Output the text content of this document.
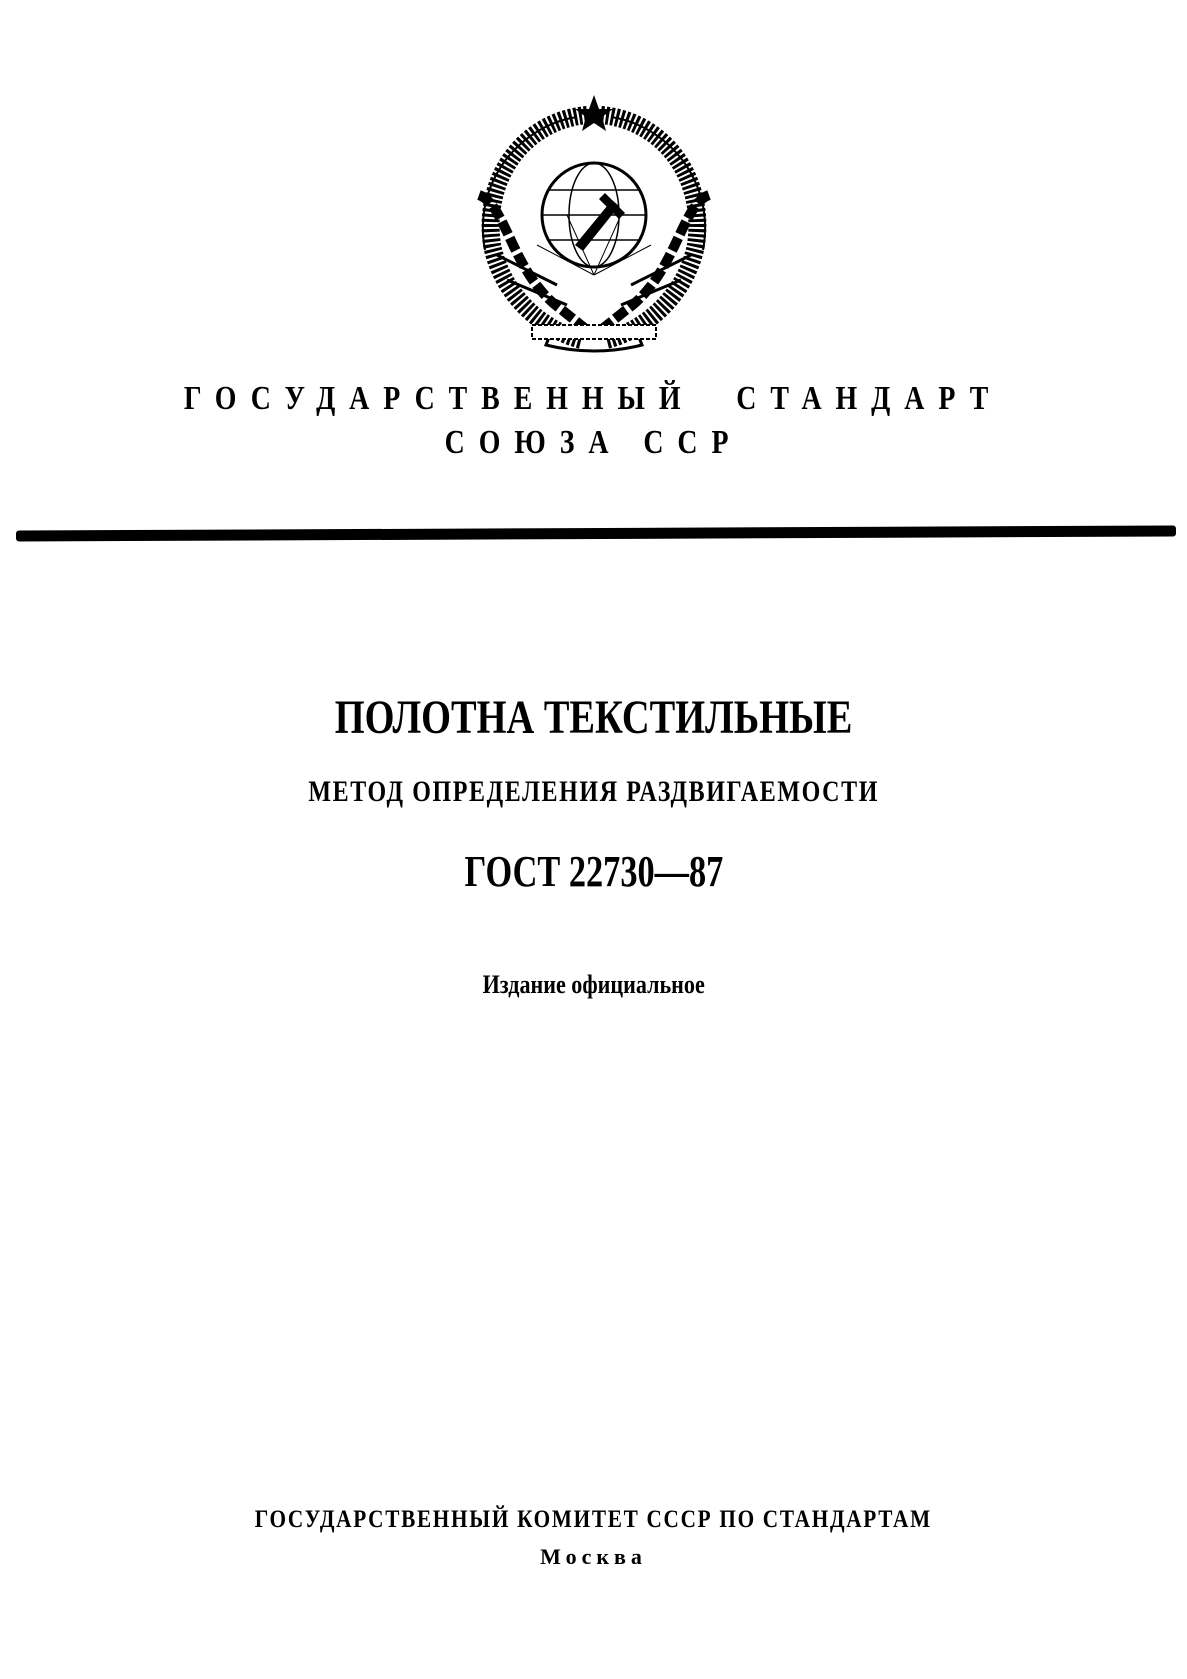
ГОСУДАРСТВЕННЫЙ  СТАНДАРТ
СОЮЗА ССР
ПОЛОТНА ТЕКСТИЛЬНЫЕ
МЕТОД ОПРЕДЕЛЕНИЯ РАЗДВИГАЕМОСТИ
ГОСТ 22730—87
Издание официальное
ГОСУДАРСТВЕННЫЙ КОМИТЕТ СССР ПО СТАНДАРТАМ
Москва
